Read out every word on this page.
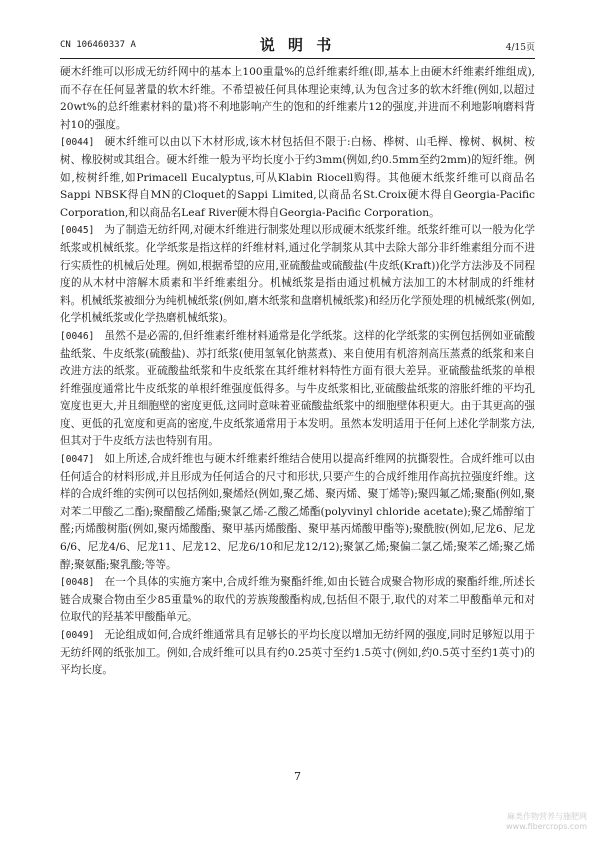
CN 106460337 A	说 明 书	4/15页

硬木纤维可以形成无纺纤网中的基本上100重量%的总纤维素纤维(即,基本上由硬木纤维素纤维组成),而不存在任何显著量的软木纤维。不希望被任何具体理论束缚,认为包含过多的软木纤维(例如,以超过20wt%的总纤维素材料的量)将不利地影响产生的饱和的纤维素片12的强度,并进而不利地影响磨料背衬10的强度。

[0044] 硬木纤维可以由以下木材形成,该木材包括但不限于:白杨、桦树、山毛榉、橡树、枫树、桉树、橡胶树或其组合。硬木纤维一般为平均长度小于约3mm(例如,约0.5mm至约2mm)的短纤维。例如,桉树纤维,如Primacell Eucalyptus,可从Klabin Riocell购得。其他硬木纸浆纤维可以商品名Sappi NBSK得自MN的Cloquet的Sappi Limited,以商品名St.Croix硬木得自Georgia-Pacific Corporation,和以商品名Leaf River硬木得自Georgia-Pacific Corporation。

[0045] 为了制造无纺纤网,对硬木纤维进行制浆处理以形成硬木纸浆纤维。纸浆纤维可以一般为化学纸浆或机械纸浆。化学纸浆是指这样的纤维材料,通过化学制浆从其中去除大部分非纤维素组分而不进行实质性的机械后处理。例如,根据希望的应用,亚硫酸盐或硫酸盐(牛皮纸(Kraft))化学方法涉及不同程度的从木材中溶解木质素和半纤维素组分。机械纸浆是指由通过机械方法加工的木材制成的纤维材料。机械纸浆被细分为纯机械纸浆(例如,磨木纸浆和盘磨机械纸浆)和经历化学预处理的机械纸浆(例如,化学机械纸浆或化学热磨机械纸浆)。

[0046] 虽然不是必需的,但纤维素纤维材料通常是化学纸浆。这样的化学纸浆的实例包括例如亚硫酸盐纸浆、牛皮纸浆(硫酸盐)、苏打纸浆(使用氢氧化钠蒸煮)、来自使用有机溶剂高压蒸煮的纸浆和来自改进方法的纸浆。亚硫酸盐纸浆和牛皮纸浆在其纤维材料特性方面有很大差异。亚硫酸盐纸浆的单根纤维强度通常比牛皮纸浆的单根纤维强度低得多。与牛皮纸浆相比,亚硫酸盐纸浆的溶胀纤维的平均孔宽度也更大,并且细胞壁的密度更低,这同时意味着亚硫酸盐纸浆中的细胞壁体积更大。由于其更高的强度、更低的孔宽度和更高的密度,牛皮纸浆通常用于本发明。虽然本发明适用于任何上述化学制浆方法,但其对于牛皮纸方法也特别有用。

[0047] 如上所述,合成纤维也与硬木纤维素纤维结合使用以提高纤维网的抗撕裂性。合成纤维可以由任何适合的材料形成,并且形成为任何适合的尺寸和形状,只要产生的合成纤维用作高抗拉强度纤维。这样的合成纤维的实例可以包括例如,聚烯烃(例如,聚乙烯、聚丙烯、聚丁烯等);聚四氟乙烯;聚酯(例如,聚对苯二甲酸乙二酯);聚醋酸乙烯酯;聚氯乙烯-乙酸乙烯酯(polyvinyl chloride acetate);聚乙烯醇缩丁醛;丙烯酸树脂(例如,聚丙烯酸酯、聚甲基丙烯酸酯、聚甲基丙烯酸甲酯等);聚酰胺(例如,尼龙6、尼龙6/6、尼龙4/6、尼龙11、尼龙12、尼龙6/10和尼龙12/12);聚氯乙烯;聚偏二氯乙烯;聚苯乙烯;聚乙烯醇;聚氨酯;聚乳酸;等等。

[0048] 在一个具体的实施方案中,合成纤维为聚酯纤维,如由长链合成聚合物形成的聚酯纤维,所述长链合成聚合物由至少85重量%的取代的芳族羧酸酯构成,包括但不限于,取代的对苯二甲酸酯单元和对位取代的羟基苯甲酸酯单元。

[0049] 无论组成如何,合成纤维通常具有足够长的平均长度以增加无纺纤网的强度,同时足够短以用于无纺纤网的纸张加工。例如,合成纤维可以具有约0.25英寸至约1.5英寸(例如,约0.5英寸至约1英寸)的平均长度。

7
麻类作物营养与施肥网
www.fibercrops.com
